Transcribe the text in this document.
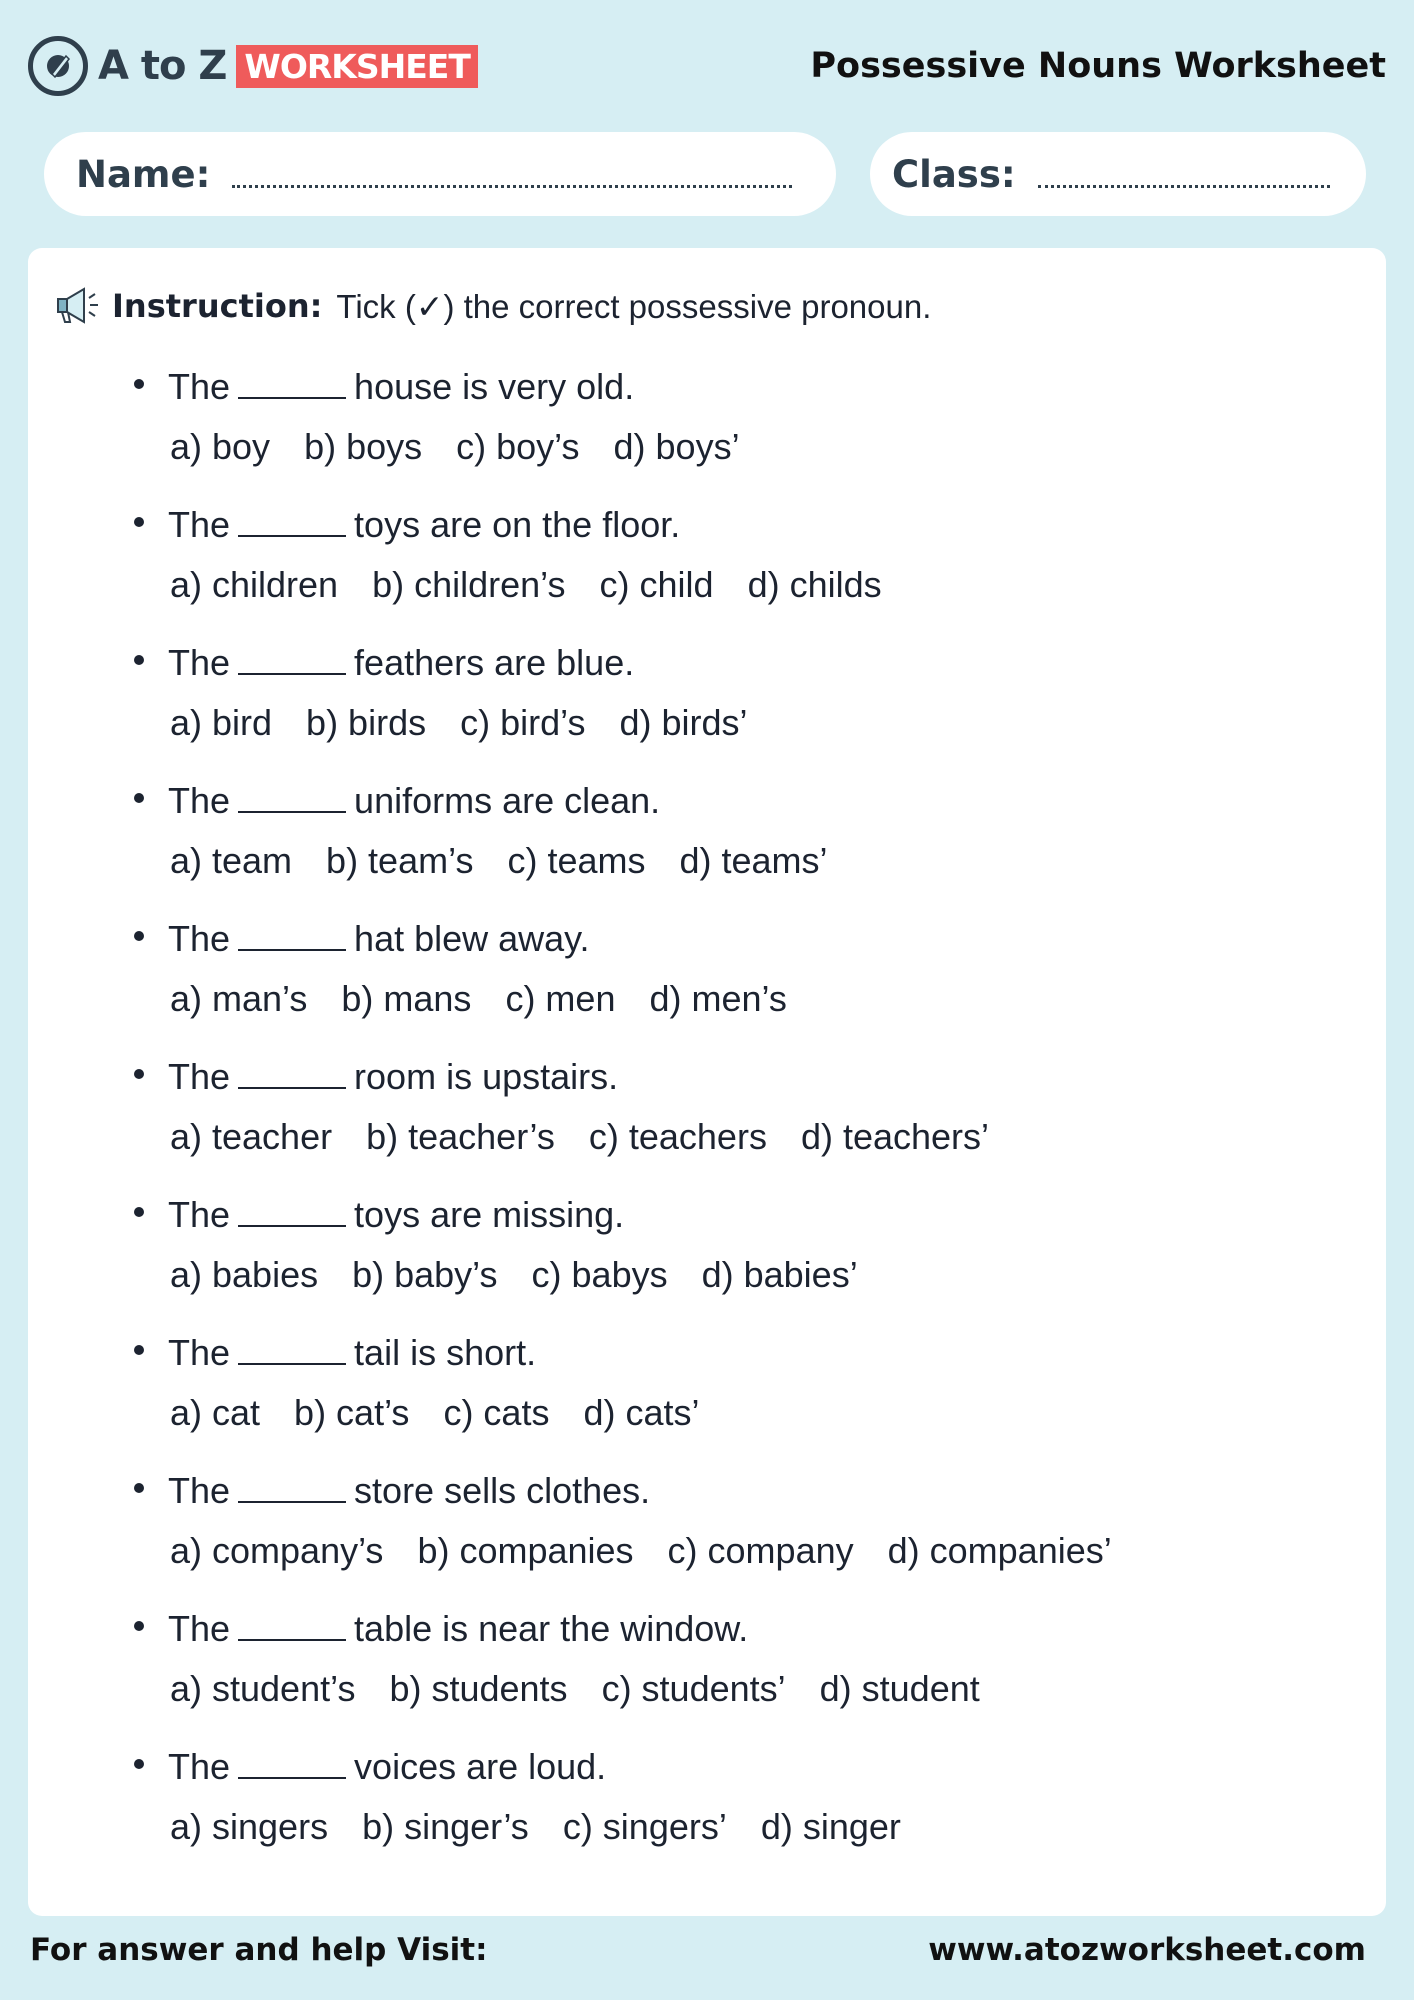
A to Z WORKSHEET	Possessive Nouns Worksheet
Name:	Class:
Instruction: Tick (✓) the correct possessive pronoun.
The	house is very old.
a) boy b) boys c) boy’s d) boys’
The	toys are on the floor.
a) children b) children’s c) child d) childs
The	feathers are blue.
a) bird b) birds c) bird’s d) birds’
The	uniforms are clean.
a) team b) team’s c) teams d) teams’
The	hat blew away.
a) man’s b) mans c) men d) men’s
The	room is upstairs.
a) teacher b) teacher’s c) teachers d) teachers’
The	toys are missing.
a) babies b) baby’s c) babys d) babies’
The	tail is short.
a) cat b) cat’s c) cats d) cats’
The	store sells clothes.
a) company’s b) companies c) company d) companies’
The	table is near the window.
a) student’s b) students c) students’ d) student
The	voices are loud.
a) singers b) singer’s c) singers’ d) singer
For answer and help Visit:	www.atozworksheet.com
